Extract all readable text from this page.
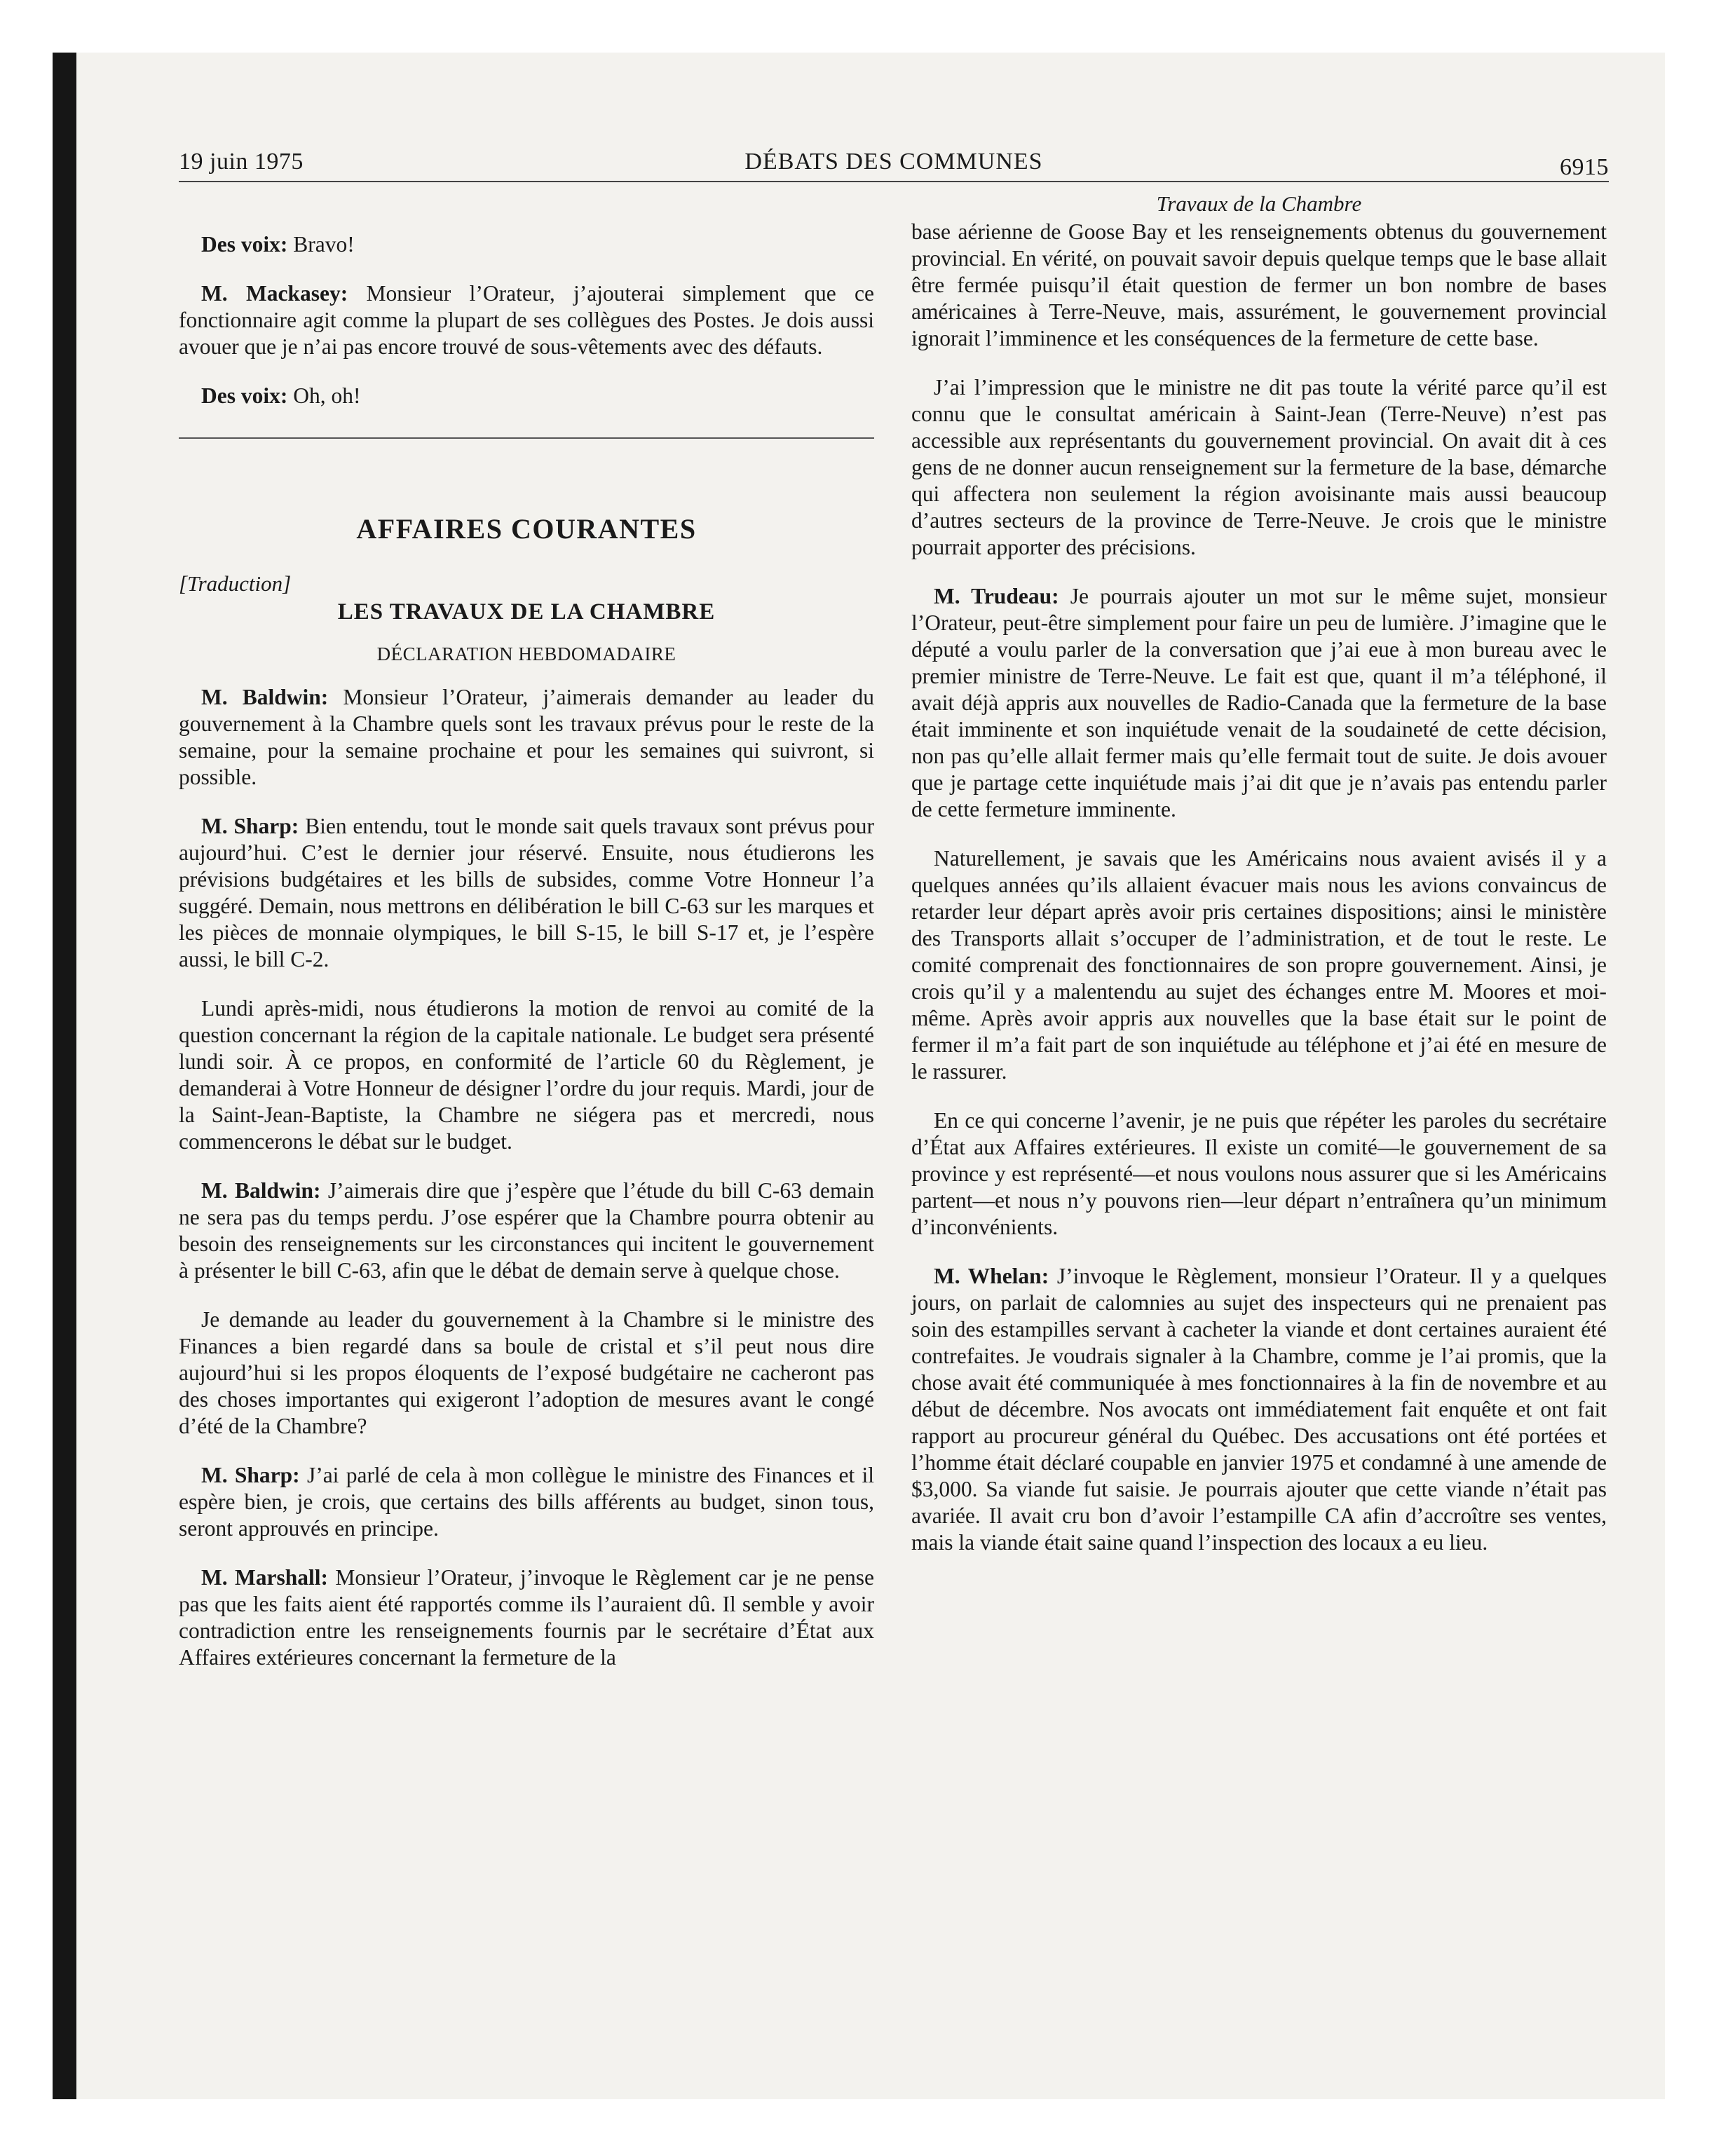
19 juin 1975	DÉBATS DES COMMUNES	6915

Des voix: Bravo!

M. Mackasey: Monsieur l’Orateur, j’ajouterai simplement que ce fonctionnaire agit comme la plupart de ses collègues des Postes. Je dois aussi avouer que je n’ai pas encore trouvé de sous-vêtements avec des défauts.

Des voix: Oh, oh!

AFFAIRES COURANTES
[Traduction]
LES TRAVAUX DE LA CHAMBRE
DÉCLARATION HEBDOMADAIRE

M. Baldwin: Monsieur l’Orateur, j’aimerais demander au leader du gouvernement à la Chambre quels sont les travaux prévus pour le reste de la semaine, pour la semaine prochaine et pour les semaines qui suivront, si possible.

M. Sharp: Bien entendu, tout le monde sait quels travaux sont prévus pour aujourd’hui. C’est le dernier jour réservé. Ensuite, nous étudierons les prévisions budgétaires et les bills de subsides, comme Votre Honneur l’a suggéré. Demain, nous mettrons en délibération le bill C-63 sur les marques et les pièces de monnaie olympiques, le bill S-15, le bill S-17 et, je l’espère aussi, le bill C-2.

Lundi après-midi, nous étudierons la motion de renvoi au comité de la question concernant la région de la capitale nationale. Le budget sera présenté lundi soir. À ce propos, en conformité de l’article 60 du Règlement, je demanderai à Votre Honneur de désigner l’ordre du jour requis. Mardi, jour de la Saint-Jean-Baptiste, la Chambre ne siégera pas et mercredi, nous commencerons le débat sur le budget.

M. Baldwin: J’aimerais dire que j’espère que l’étude du bill C-63 demain ne sera pas du temps perdu. J’ose espérer que la Chambre pourra obtenir au besoin des renseignements sur les circonstances qui incitent le gouvernement à présenter le bill C-63, afin que le débat de demain serve à quelque chose.

Je demande au leader du gouvernement à la Chambre si le ministre des Finances a bien regardé dans sa boule de cristal et s’il peut nous dire aujourd’hui si les propos éloquents de l’exposé budgétaire ne cacheront pas des choses importantes qui exigeront l’adoption de mesures avant le congé d’été de la Chambre?

M. Sharp: J’ai parlé de cela à mon collègue le ministre des Finances et il espère bien, je crois, que certains des bills afférents au budget, sinon tous, seront approuvés en principe.

M. Marshall: Monsieur l’Orateur, j’invoque le Règlement car je ne pense pas que les faits aient été rapportés comme ils l’auraient dû. Il semble y avoir contradiction entre les renseignements fournis par le secrétaire d’État aux Affaires extérieures concernant la fermeture de la

Travaux de la Chambre

base aérienne de Goose Bay et les renseignements obtenus du gouvernement provincial. En vérité, on pouvait savoir depuis quelque temps que le base allait être fermée puisqu’il était question de fermer un bon nombre de bases américaines à Terre-Neuve, mais, assurément, le gouvernement provincial ignorait l’imminence et les conséquences de la fermeture de cette base.

J’ai l’impression que le ministre ne dit pas toute la vérité parce qu’il est connu que le consultat américain à Saint-Jean (Terre-Neuve) n’est pas accessible aux représentants du gouvernement provincial. On avait dit à ces gens de ne donner aucun renseignement sur la fermeture de la base, démarche qui affectera non seulement la région avoisinante mais aussi beaucoup d’autres secteurs de la province de Terre-Neuve. Je crois que le ministre pourrait apporter des précisions.

M. Trudeau: Je pourrais ajouter un mot sur le même sujet, monsieur l’Orateur, peut-être simplement pour faire un peu de lumière. J’imagine que le député a voulu parler de la conversation que j’ai eue à mon bureau avec le premier ministre de Terre-Neuve. Le fait est que, quant il m’a téléphoné, il avait déjà appris aux nouvelles de Radio-Canada que la fermeture de la base était imminente et son inquiétude venait de la soudaineté de cette décision, non pas qu’elle allait fermer mais qu’elle fermait tout de suite. Je dois avouer que je partage cette inquiétude mais j’ai dit que je n’avais pas entendu parler de cette fermeture imminente.

Naturellement, je savais que les Américains nous avaient avisés il y a quelques années qu’ils allaient évacuer mais nous les avions convaincus de retarder leur départ après avoir pris certaines dispositions; ainsi le ministère des Transports allait s’occuper de l’administration, et de tout le reste. Le comité comprenait des fonctionnaires de son propre gouvernement. Ainsi, je crois qu’il y a malentendu au sujet des échanges entre M. Moores et moi-même. Après avoir appris aux nouvelles que la base était sur le point de fermer il m’a fait part de son inquiétude au téléphone et j’ai été en mesure de le rassurer.

En ce qui concerne l’avenir, je ne puis que répéter les paroles du secrétaire d’État aux Affaires extérieures. Il existe un comité—le gouvernement de sa province y est représenté—et nous voulons nous assurer que si les Américains partent—et nous n’y pouvons rien—leur départ n’entraînera qu’un minimum d’inconvénients.

M. Whelan: J’invoque le Règlement, monsieur l’Orateur. Il y a quelques jours, on parlait de calomnies au sujet des inspecteurs qui ne prenaient pas soin des estampilles servant à cacheter la viande et dont certaines auraient été contrefaites. Je voudrais signaler à la Chambre, comme je l’ai promis, que la chose avait été communiquée à mes fonctionnaires à la fin de novembre et au début de décembre. Nos avocats ont immédiatement fait enquête et ont fait rapport au procureur général du Québec. Des accusations ont été portées et l’homme était déclaré coupable en janvier 1975 et condamné à une amende de $3,000. Sa viande fut saisie. Je pourrais ajouter que cette viande n’était pas avariée. Il avait cru bon d’avoir l’estampille CA afin d’accroître ses ventes, mais la viande était saine quand l’inspection des locaux a eu lieu.
